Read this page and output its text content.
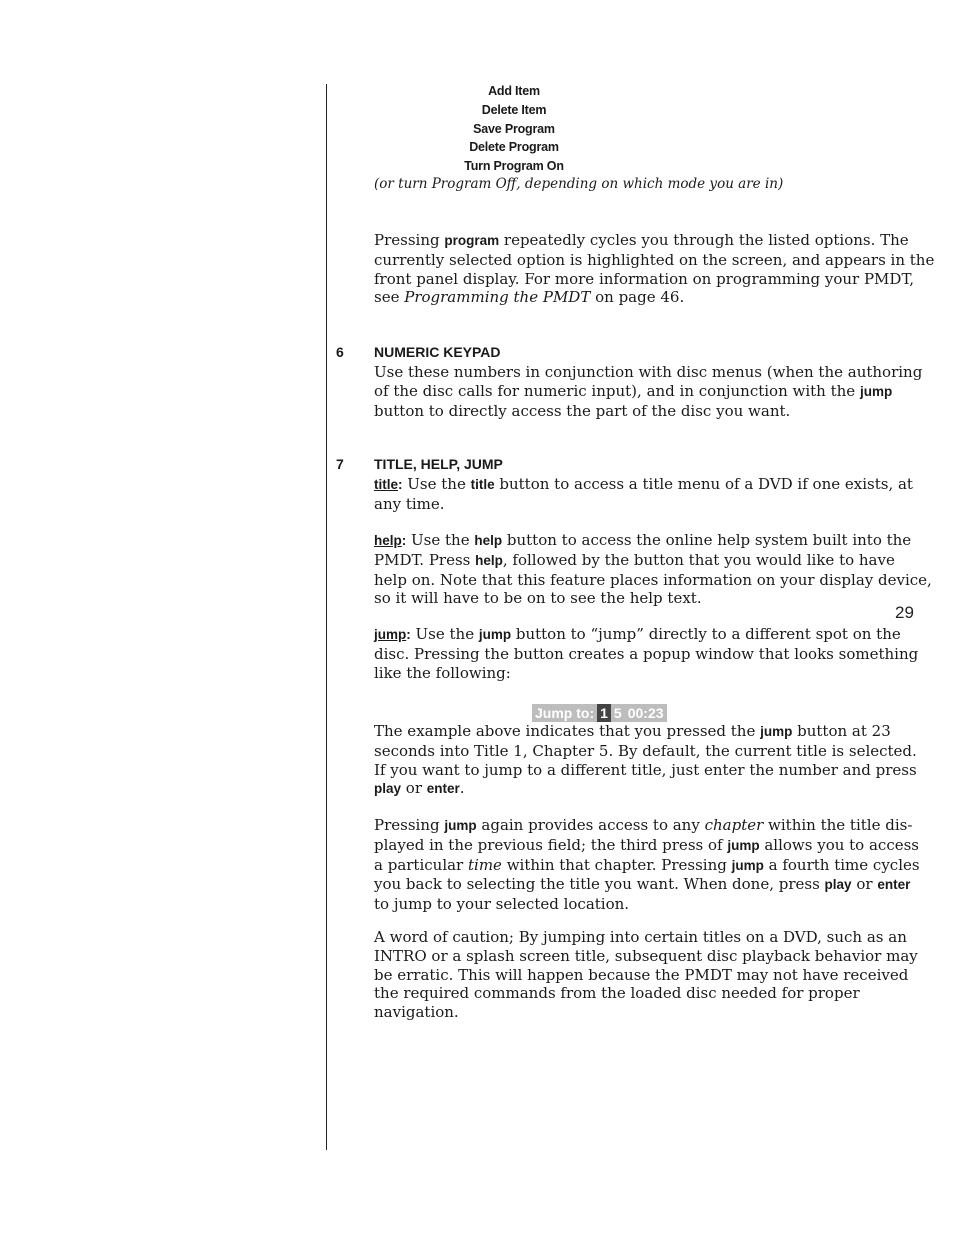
29
Add Item
Delete Item
Save Program
Delete Program
Turn Program On
(or turn Program Off, depending on which mode you are in)
Pressing program repeatedly cycles you through the listed options. The
currently selected option is highlighted on the screen, and appears in the
front panel display. For more information on programming your PMDT,
see Programming the PMDT on page 46.
6 NUMERIC KEYPAD
Use these numbers in conjunction with disc menus (when the authoring
of the disc calls for numeric input), and in conjunction with the jump
button to directly access the part of the disc you want.
7 TITLE, HELP, JUMP
title: Use the title button to access a title menu of a DVD if one exists, at
any time.
help: Use the help button to access the online help system built into the
PMDT. Press help, followed by the button that you would like to have
help on. Note that this feature places information on your display device,
so it will have to be on to see the help text.
jump: Use the jump button to “jump” directly to a different spot on the
disc. Pressing the button creates a popup window that looks something
like the following:
Jump to: 1 5 00:23
The example above indicates that you pressed the jump button at 23
seconds into Title 1, Chapter 5. By default, the current title is selected.
If you want to jump to a different title, just enter the number and press
play or enter.
Pressing jump again provides access to any chapter within the title dis-
played in the previous field; the third press of jump allows you to access
a particular time within that chapter. Pressing jump a fourth time cycles
you back to selecting the title you want. When done, press play or enter
to jump to your selected location.
A word of caution; By jumping into certain titles on a DVD, such as an
INTRO or a splash screen title, subsequent disc playback behavior may
be erratic. This will happen because the PMDT may not have received
the required commands from the loaded disc needed for proper
navigation.
